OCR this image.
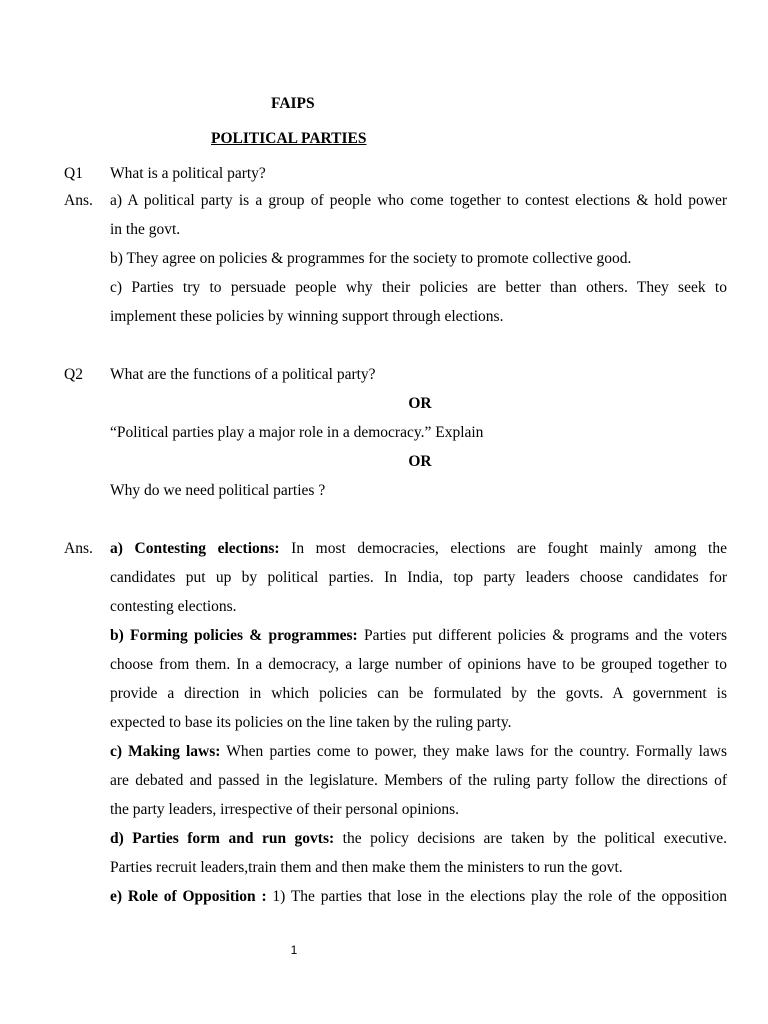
FAIPS
POLITICAL PARTIES
Q1 What is a political party?
Ans. a) A political party is a group of people who come together to contest elections & hold power
in the govt.
b) They agree on policies & programmes for the society to promote collective good.
c) Parties try to persuade people why their policies are better than others. They seek to
implement these policies by winning support through elections.
Q2 What are the functions of a political party?
OR
“Political parties play a major role in a democracy.” Explain
OR
Why do we need political parties ?
Ans. a) Contesting elections: In most democracies, elections are fought mainly among the
candidates put up by political parties. In India, top party leaders choose candidates for
contesting elections.
b) Forming policies & programmes: Parties put different policies & programs and the voters
choose from them. In a democracy, a large number of opinions have to be grouped together to
provide a direction in which policies can be formulated by the govts. A government is
expected to base its policies on the line taken by the ruling party.
c) Making laws: When parties come to power, they make laws for the country. Formally laws
are debated and passed in the legislature. Members of the ruling party follow the directions of
the party leaders, irrespective of their personal opinions.
d) Parties form and run govts: the policy decisions are taken by the political executive.
Parties recruit leaders,train them and then make them the ministers to run the govt.
e) Role of Opposition : 1) The parties that lose in the elections play the role of the opposition
1
